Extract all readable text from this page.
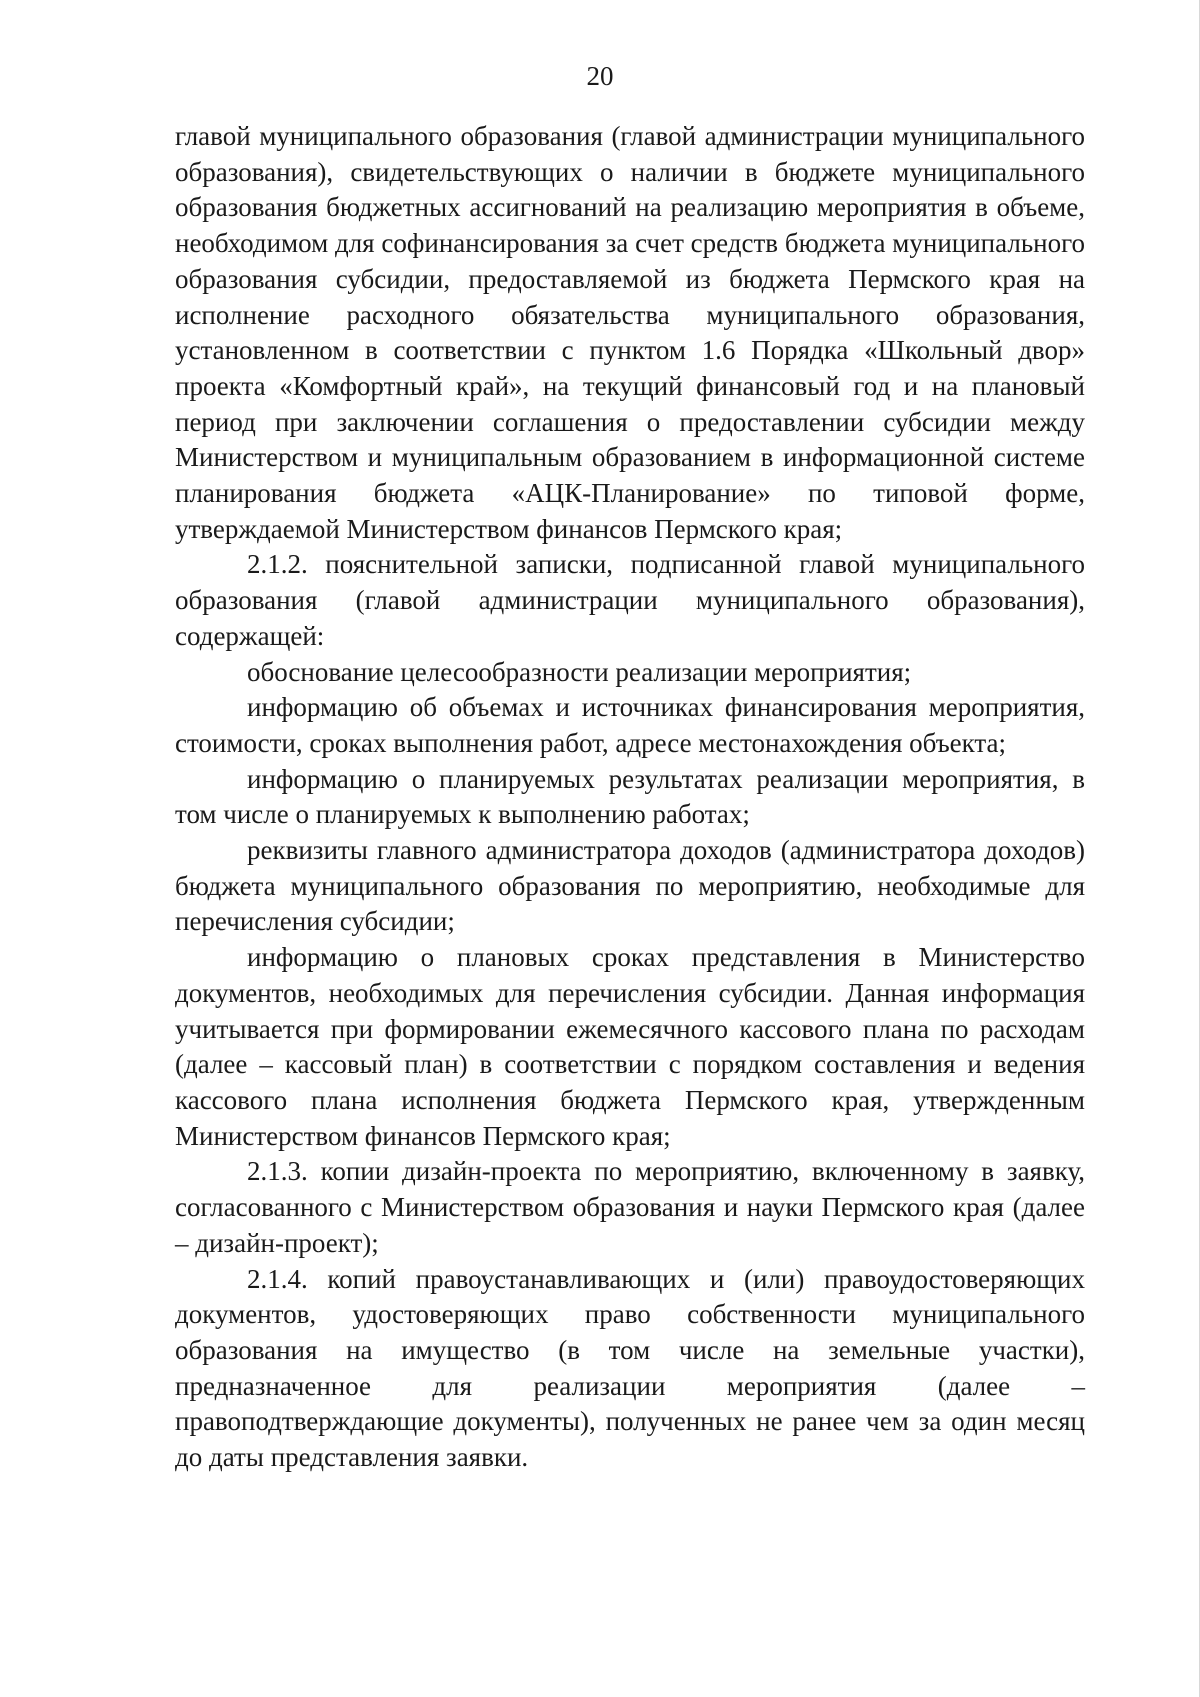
20

главой муниципального образования (главой администрации муниципального образования), свидетельствующих о наличии в бюджете муниципального образования бюджетных ассигнований на реализацию мероприятия в объеме, необходимом для софинансирования за счет средств бюджета муниципального образования субсидии, предоставляемой из бюджета Пермского края на исполнение расходного обязательства муниципального образования, установленном в соответствии с пунктом 1.6 Порядка «Школьный двор» проекта «Комфортный край», на текущий финансовый год и на плановый период при заключении соглашения о предоставлении субсидии между Министерством и муниципальным образованием в информационной системе планирования бюджета «АЦК-Планирование» по типовой форме, утверждаемой Министерством финансов Пермского края;

2.1.2. пояснительной записки, подписанной главой муниципального образования (главой администрации муниципального образования), содержащей:

обоснование целесообразности реализации мероприятия;

информацию об объемах и источниках финансирования мероприятия, стоимости, сроках выполнения работ, адресе местонахождения объекта;

информацию о планируемых результатах реализации мероприятия, в том числе о планируемых к выполнению работах;

реквизиты главного администратора доходов (администратора доходов) бюджета муниципального образования по мероприятию, необходимые для перечисления субсидии;

информацию о плановых сроках представления в Министерство документов, необходимых для перечисления субсидии. Данная информация учитывается при формировании ежемесячного кассового плана по расходам (далее – кассовый план) в соответствии с порядком составления и ведения кассового плана исполнения бюджета Пермского края, утвержденным Министерством финансов Пермского края;

2.1.3. копии дизайн-проекта по мероприятию, включенному в заявку, согласованного с Министерством образования и науки Пермского края (далее – дизайн-проект);

2.1.4. копий правоустанавливающих и (или) правоудостоверяющих документов, удостоверяющих право собственности муниципального образования на имущество (в том числе на земельные участки), предназначенное для реализации мероприятия (далее – правоподтверждающие документы), полученных не ранее чем за один месяц до даты представления заявки.
